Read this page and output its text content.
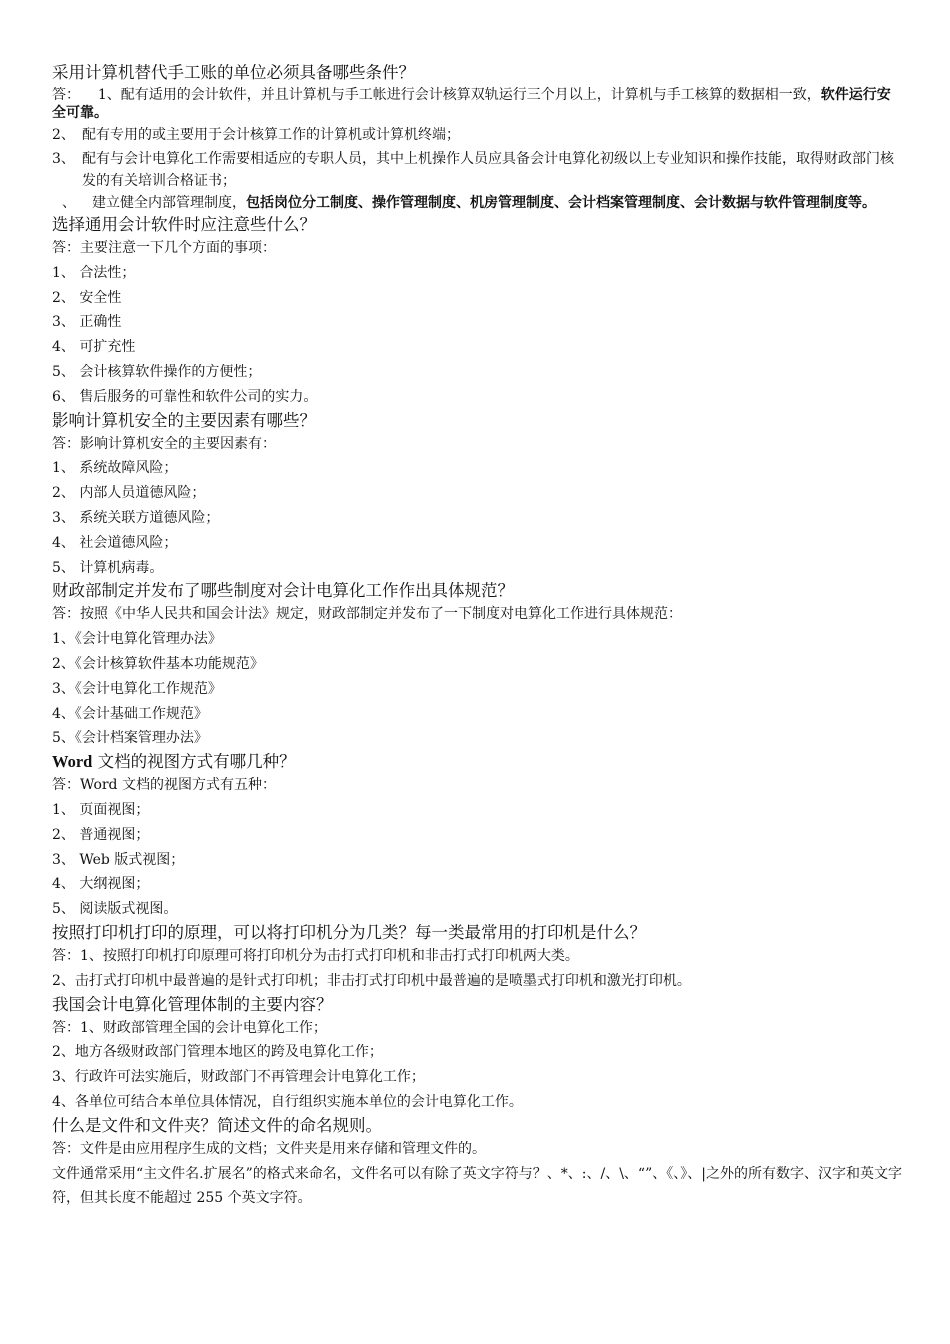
采用计算机替代手工账的单位必须具备哪些条件？

答： 1、配有适用的会计软件，并且计算机与手工帐进行会计核算双轨运行三个月以上，计算机与手工核算的数据相一致，软件运行安全可靠。
2、 配有专用的或主要用于会计核算工作的计算机或计算机终端；
3、 配有与会计电算化工作需要相适应的专职人员，其中上机操作人员应具备会计电算化初级以上专业知识和操作技能，取得财政部门核发的有关培训合格证书；
、	建立健全内部管理制度，包括岗位分工制度、操作管理制度、机房管理制度、会计档案管理制度、会计数据与软件管理制度等。

选择通用会计软件时应注意些什么？

答：主要注意一下几个方面的事项：

1、 合法性；

2、 安全性

3、 正确性

4、 可扩充性

5、 会计核算软件操作的方便性；

6、 售后服务的可靠性和软件公司的实力。

影响计算机安全的主要因素有哪些？

答：影响计算机安全的主要因素有：

1、 系统故障风险；

2、 内部人员道德风险；

3、 系统关联方道德风险；

4、 社会道德风险；

5、 计算机病毒。

财政部制定并发布了哪些制度对会计电算化工作作出具体规范？

答：按照《中华人民共和国会计法》规定，财政部制定并发布了一下制度对电算化工作进行具体规范：

1、《会计电算化管理办法》

2、《会计核算软件基本功能规范》

3、《会计电算化工作规范》

4、《会计基础工作规范》

5、《会计档案管理办法》

Word 文档的视图方式有哪几种？

答：Word 文档的视图方式有五种：

1、 页面视图；

2、 普通视图；

3、 Web 版式视图；

4、 大纲视图；

5、 阅读版式视图。

按照打印机打印的原理，可以将打印机分为几类？每一类最常用的打印机是什么？

答：1、按照打印机打印原理可将打印机分为击打式打印机和非击打式打印机两大类。

2、击打式打印机中最普遍的是针式打印机；非击打式打印机中最普遍的是喷墨式打印机和激光打印机。

我国会计电算化管理体制的主要内容？

答：1、财政部管理全国的会计电算化工作；

2、地方各级财政部门管理本地区的跨及电算化工作；

3、行政许可法实施后，财政部门不再管理会计电算化工作；

4、各单位可结合本单位具体情况，自行组织实施本单位的会计电算化工作。

什么是文件和文件夹？简述文件的命名规则。

答：文件是由应用程序生成的文档；文件夹是用来存储和管理文件的。

文件通常采用“主文件名.扩展名”的格式来命名，文件名可以有除了英文字符与？、*、:、/、\、“”、《、》、|之外的所有数字、汉字和英文字符，但其长度不能超过 255 个英文字符。
